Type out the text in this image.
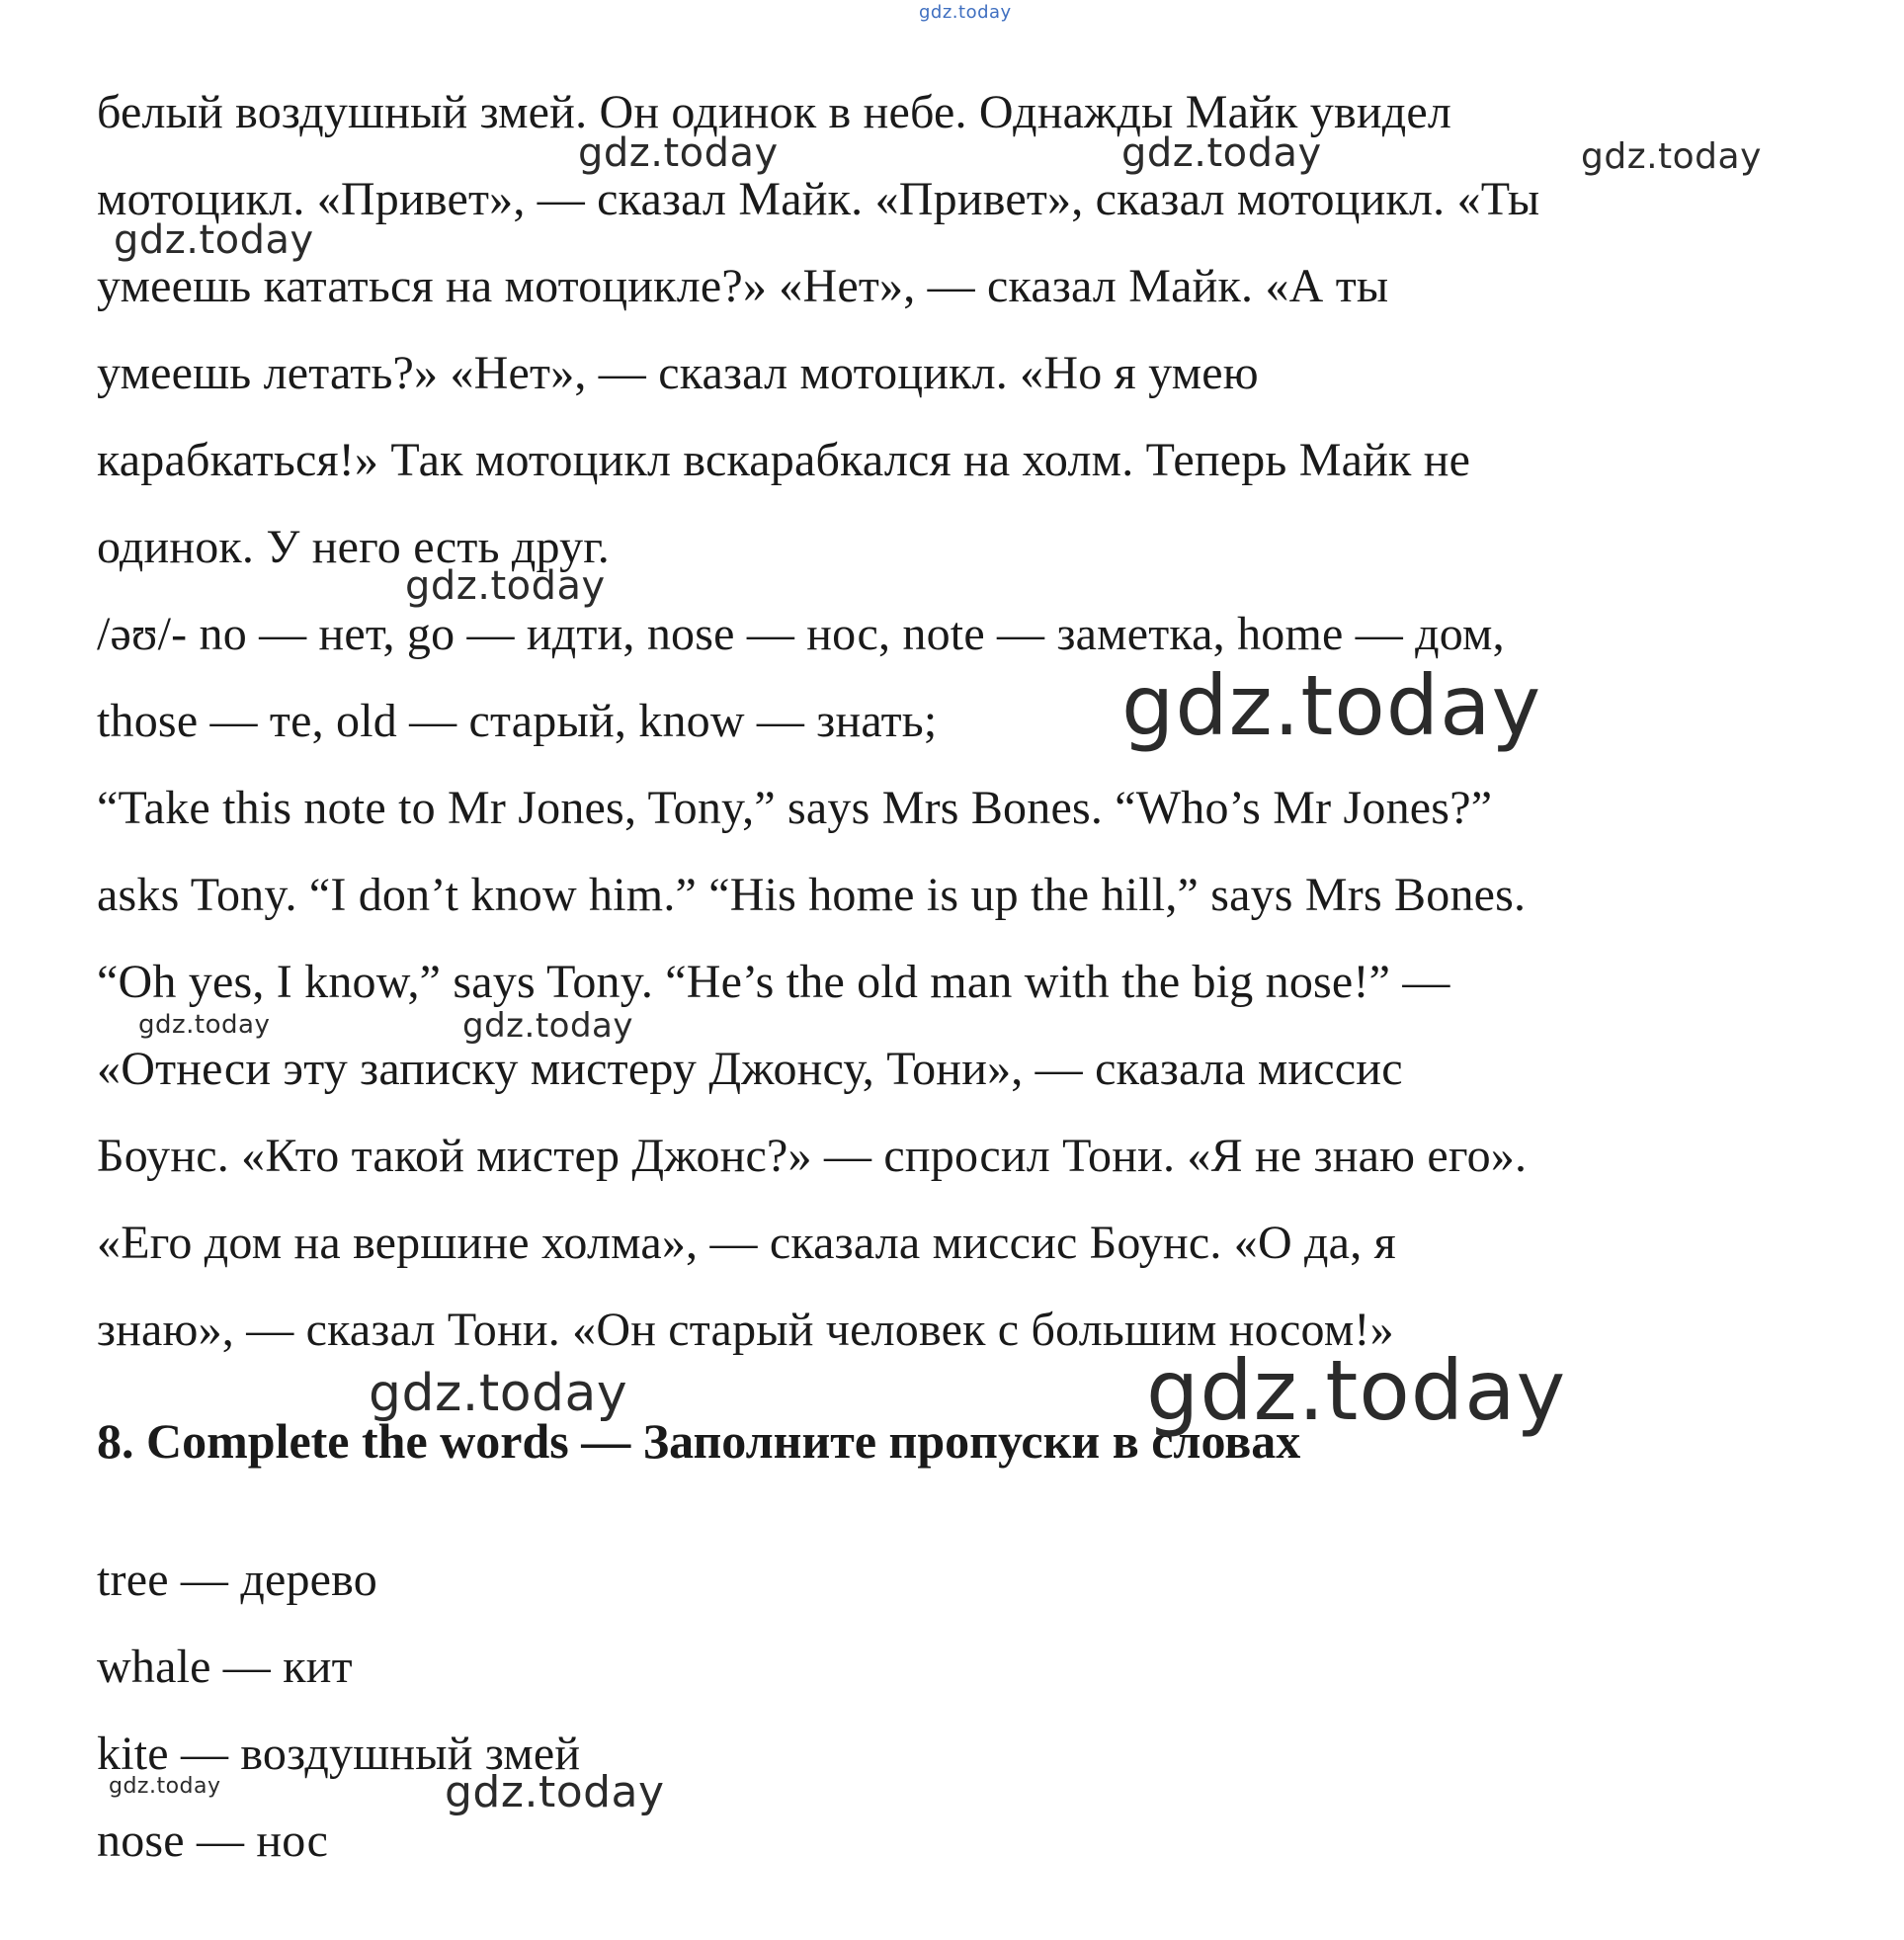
gdz.today
белый воздушный змей. Он одинок в небе. Однажды Майк увидел
мотоцикл. «Привет», — сказал Майк. «Привет», сказал мотоцикл. «Ты
умеешь кататься на мотоцикле?» «Нет», — сказал Майк. «А ты
умеешь летать?» «Нет», — сказал мотоцикл. «Но я умею
карабкаться!» Так мотоцикл вскарабкался на холм. Теперь Майк не
одинок. У него есть друг.
/əʊ/- no — нет, go — идти, nose — нос, note — заметка, home — дом,
those — те, old — старый, know — знать;
“Take this note to Mr Jones, Tony,” says Mrs Bones. “Who’s Mr Jones?”
asks Tony. “I don’t know him.” “His home is up the hill,” says Mrs Bones.
“Oh yes, I know,” says Tony. “He’s the old man with the big nose!” —
«Отнеси эту записку мистеру Джонсу, Тони», — сказала миссис
Боунс. «Кто такой мистер Джонс?» — спросил Тони. «Я не знаю его».
«Его дом на вершине холма», — сказала миссис Боунс. «О да, я
знаю», — сказал Тони. «Он старый человек с большим носом!»
8. Complete the words — Заполните пропуски в словах
tree — дерево
whale — кит
kite — воздушный змей
nose — нос
gdz.today	gdz.today	gdz.today
gdz.today
gdz.today
gdz.today
gdz.today	gdz.today
gdz.today	gdz.today
gdz.today	gdz.today
